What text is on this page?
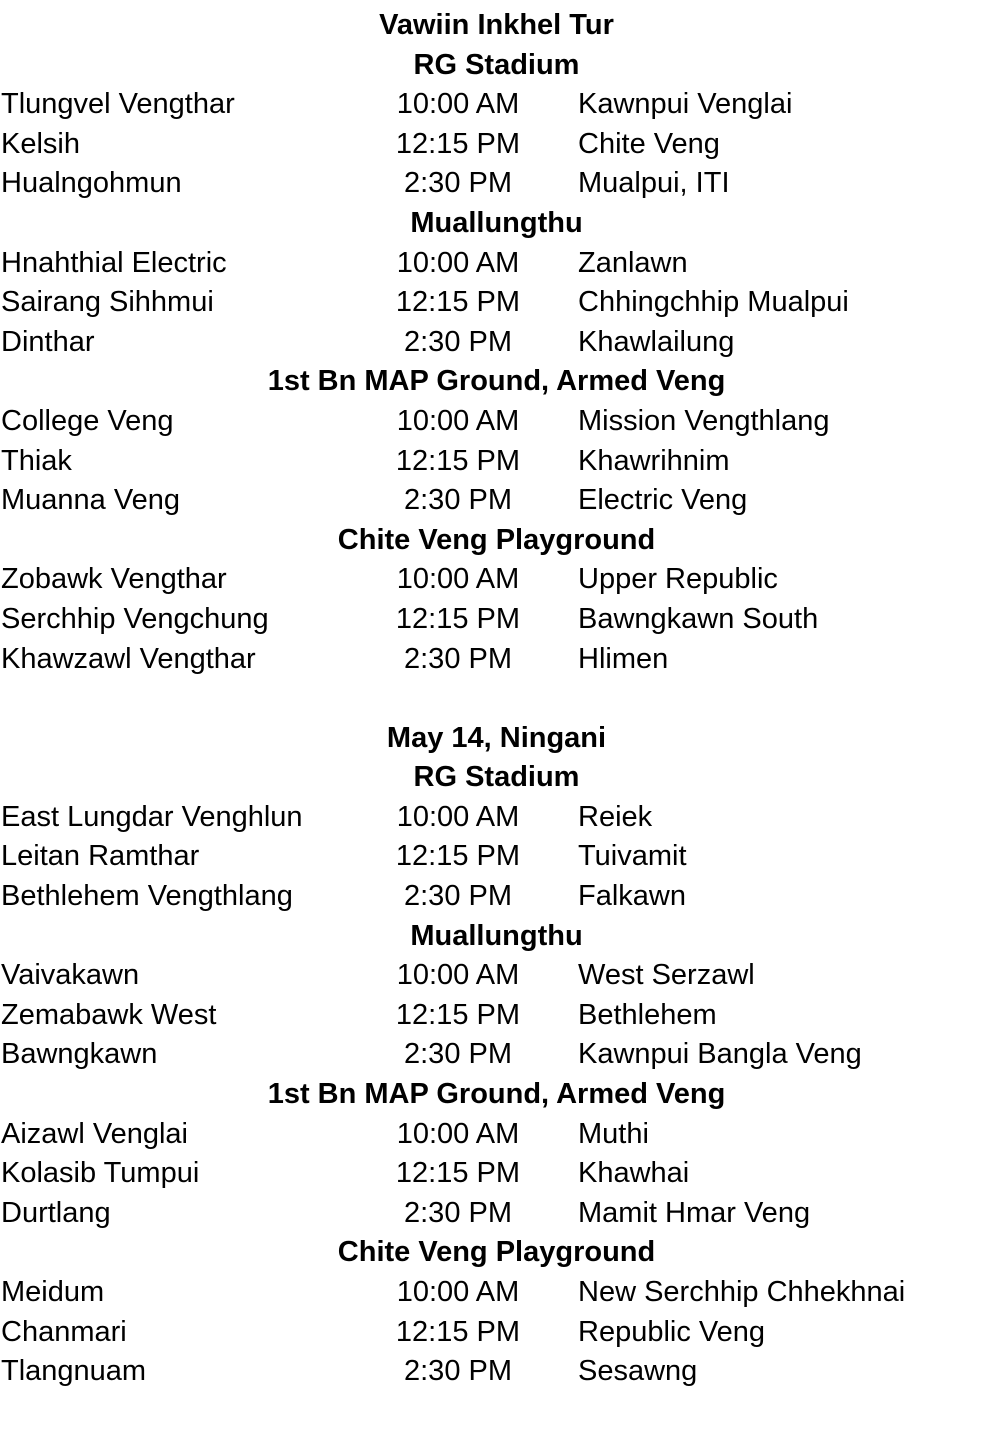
Vawiin Inkhel Tur
RG Stadium
Tlungvel Vengthar	10:00 AM	Kawnpui Venglai
Kelsih	12:15 PM	Chite Veng
Hualngohmun	2:30 PM	Mualpui, ITI
Muallungthu
Hnahthial Electric	10:00 AM	Zanlawn
Sairang Sihhmui	12:15 PM	Chhingchhip Mualpui
Dinthar	2:30 PM	Khawlailung
1st Bn MAP Ground, Armed Veng
College Veng	10:00 AM	Mission Vengthlang
Thiak	12:15 PM	Khawrihnim
Muanna Veng	2:30 PM	Electric Veng
Chite Veng Playground
Zobawk Vengthar	10:00 AM	Upper Republic
Serchhip Vengchung	12:15 PM	Bawngkawn South
Khawzawl Vengthar	2:30 PM	Hlimen
May 14, Ningani
RG Stadium
East Lungdar Venghlun	10:00 AM	Reiek
Leitan Ramthar	12:15 PM	Tuivamit
Bethlehem Vengthlang	2:30 PM	Falkawn
Muallungthu
Vaivakawn	10:00 AM	West Serzawl
Zemabawk West	12:15 PM	Bethlehem
Bawngkawn	2:30 PM	Kawnpui Bangla Veng
1st Bn MAP Ground, Armed Veng
Aizawl Venglai	10:00 AM	Muthi
Kolasib Tumpui	12:15 PM	Khawhai
Durtlang	2:30 PM	Mamit Hmar Veng
Chite Veng Playground
Meidum	10:00 AM	New Serchhip Chhekhnai
Chanmari	12:15 PM	Republic Veng
Tlangnuam	2:30 PM	Sesawng
